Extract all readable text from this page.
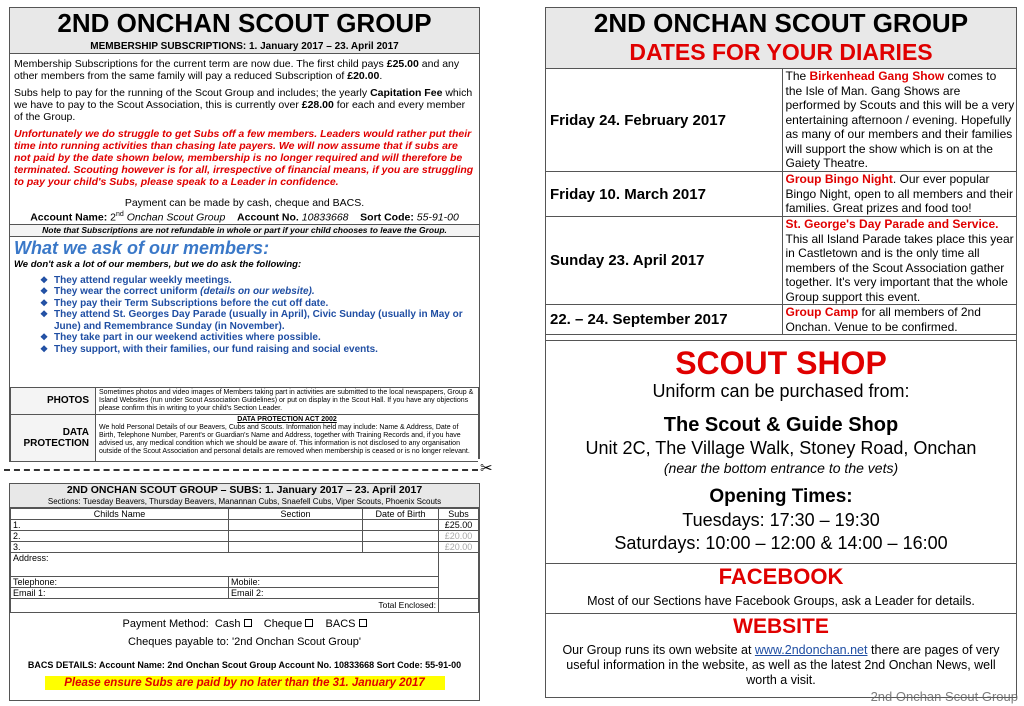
2ND ONCHAN SCOUT GROUP
MEMBERSHIP SUBSCRIPTIONS: 1. January 2017 – 23. April 2017
Membership Subscriptions for the current term are now due. The first child pays £25.00 and any other members from the same family will pay a reduced Subscription of £20.00.
Subs help to pay for the running of the Scout Group and includes; the yearly Capitation Fee which we have to pay to the Scout Association, this is currently over £28.00 for each and every member of the Group.
Unfortunately we do struggle to get Subs off a few members. Leaders would rather put their time into running activities than chasing late payers. We will now assume that if subs are not paid by the date shown below, membership is no longer required and will therefore be terminated. Scouting however is for all, irrespective of financial means, if you are struggling to pay your child's Subs, please speak to a Leader in confidence.
Payment can be made by cash, cheque and BACS.
Account Name: 2nd Onchan Scout Group Account No. 10833668 Sort Code: 55-91-00
Note that Subscriptions are not refundable in whole or part if your child chooses to leave the Group.
What we ask of our members:
We don't ask a lot of our members, but we do ask the following:
❖ They attend regular weekly meetings.
❖ They wear the correct uniform (details on our website).
❖ They pay their Term Subscriptions before the cut off date.
❖ They attend St. Georges Day Parade (usually in April), Civic Sunday (usually in May or June) and Remembrance Sunday (in November).
❖ They take part in our weekend activities where possible.
❖ They support, with their families, our fund raising and social events.
PHOTOS	Sometimes photos and video images of Members taking part in activities are submitted to the local newspapers, Group & Island Websites (run under Scout Association Guidelines) or put on display in the Scout Hall. If you have any objections please confirm this in writing to your child's Section Leader.
DATA PROTECTION	DATA PROTECTION ACT 2002
We hold Personal Details of our Beavers, Cubs and Scouts. Information held may include: Name & Address, Date of Birth, Telephone Number, Parent's or Guardian's Name and Address, together with Training Records and, if you have advised us, any medical condition which we should be aware of. This information is not disclosed to any organisation outside of the Scout Association and personal details are removed when membership is ceased or is no longer relevant.
✂
2ND ONCHAN SCOUT GROUP – SUBS: 1. January 2017 – 23. April 2017
Sections: Tuesday Beavers, Thursday Beavers, Manannan Cubs, Snaefell Cubs, Viper Scouts, Phoenix Scouts
Childs Name	Section	Date of Birth	Subs
1.			£25.00
2.			£20.00
3.			£20.00
Address:			
Telephone:	Mobile:		
Email 1:	Email 2:		
Total Enclosed:			
Payment Method: Cash Cheque BACS
Cheques payable to: '2nd Onchan Scout Group'
BACS DETAILS: Account Name: 2nd Onchan Scout Group Account No. 10833668 Sort Code: 55-91-00
Please ensure Subs are paid by no later than the 31. January 2017
2ND ONCHAN SCOUT GROUP
DATES FOR YOUR DIARIES
Friday 24. February 2017	The Birkenhead Gang Show comes to the Isle of Man. Gang Shows are performed by Scouts and this will be a very entertaining afternoon / evening. Hopefully as many of our members and their families will support the show which is on at the Gaiety Theatre.
Friday 10. March 2017	Group Bingo Night. Our ever popular Bingo Night, open to all members and their families. Great prizes and food too!
Sunday 23. April 2017	St. George's Day Parade and Service. This all Island Parade takes place this year in Castletown and is the only time all members of the Scout Association gather together. It's very important that the whole Group support this event.
22. – 24. September 2017	Group Camp for all members of 2nd Onchan. Venue to be confirmed.
SCOUT SHOP
Uniform can be purchased from:
The Scout & Guide Shop
Unit 2C, The Village Walk, Stoney Road, Onchan
(near the bottom entrance to the vets)
Opening Times:
Tuesdays: 17:30 – 19:30
Saturdays: 10:00 – 12:00 & 14:00 – 16:00
FACEBOOK
Most of our Sections have Facebook Groups, ask a Leader for details.
WEBSITE
Our Group runs its own website at www.2ndonchan.net there are pages of very useful information in the website, as well as the latest 2nd Onchan News, well worth a visit.
2nd Onchan Scout Group
